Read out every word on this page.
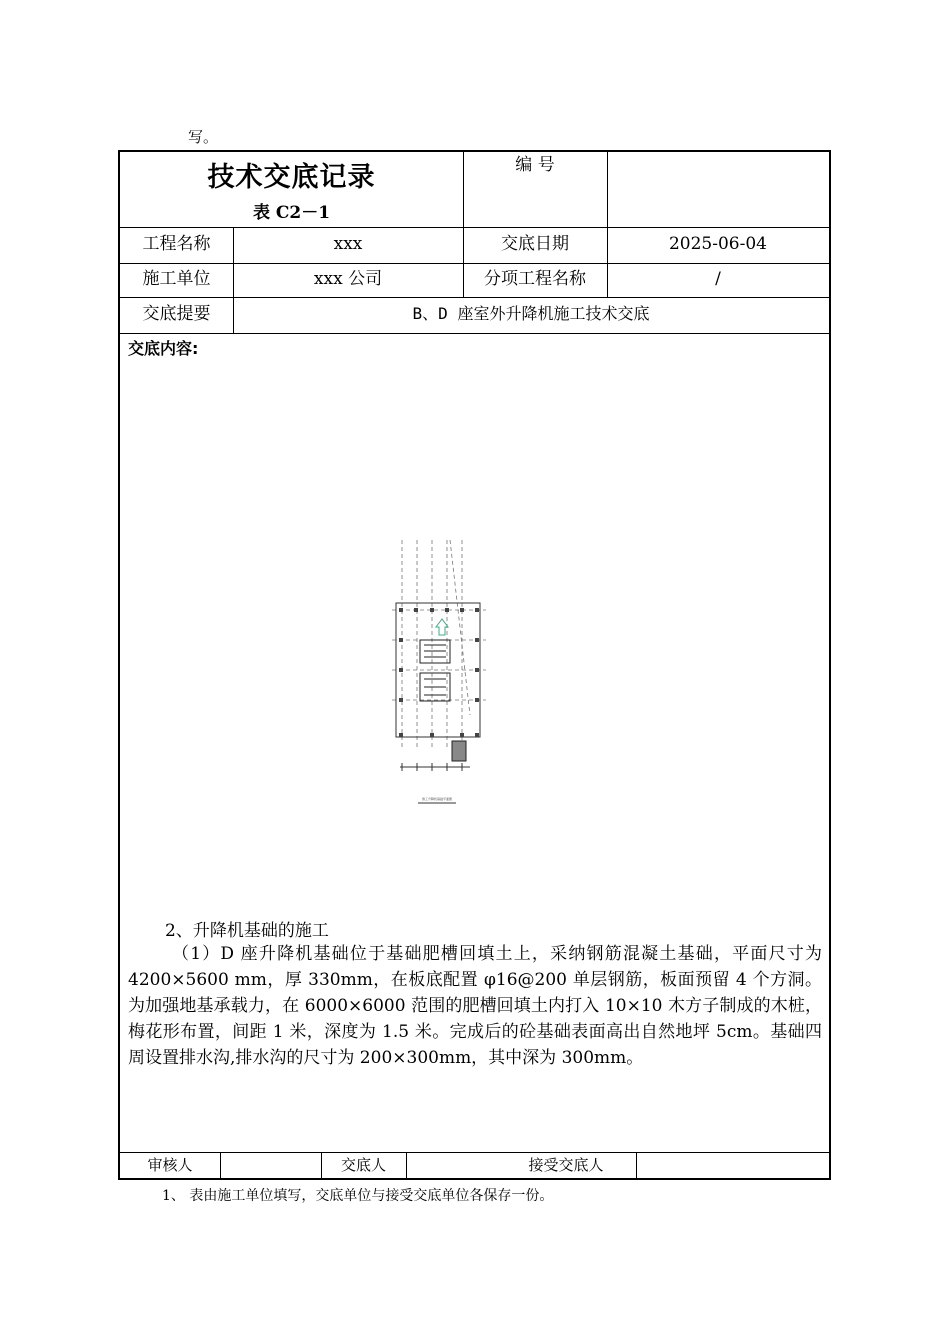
写。
技术交底记录
表 C2－1
编 号
工程名称	xxx	交底日期	2025-06-04
施工单位	xxx 公司	分项工程名称	/
交底提要	B、D 座室外升降机施工技术交底
交底内容:
审核人	交底人	接受交底人
施工升降机基础平面图
2、升降机基础的施工
（1）D 座升降机基础位于基础肥槽回填土上，采纳钢筋混凝土基础，平面尺寸为 4200×5600 mm，厚 330mm，在板底配置 φ16@200 单层钢筋，板面预留 4 个方洞。为加强地基承载力，在 6000×6000 范围的肥槽回填土内打入 10×10 木方子制成的木桩，梅花形布置，间距 1 米，深度为 1.5 米。完成后的砼基础表面高出自然地坪 5cm。基础四周设置排水沟,排水沟的尺寸为 200×300mm，其中深为 300mm。
1、 表由施工单位填写，交底单位与接受交底单位各保存一份。
